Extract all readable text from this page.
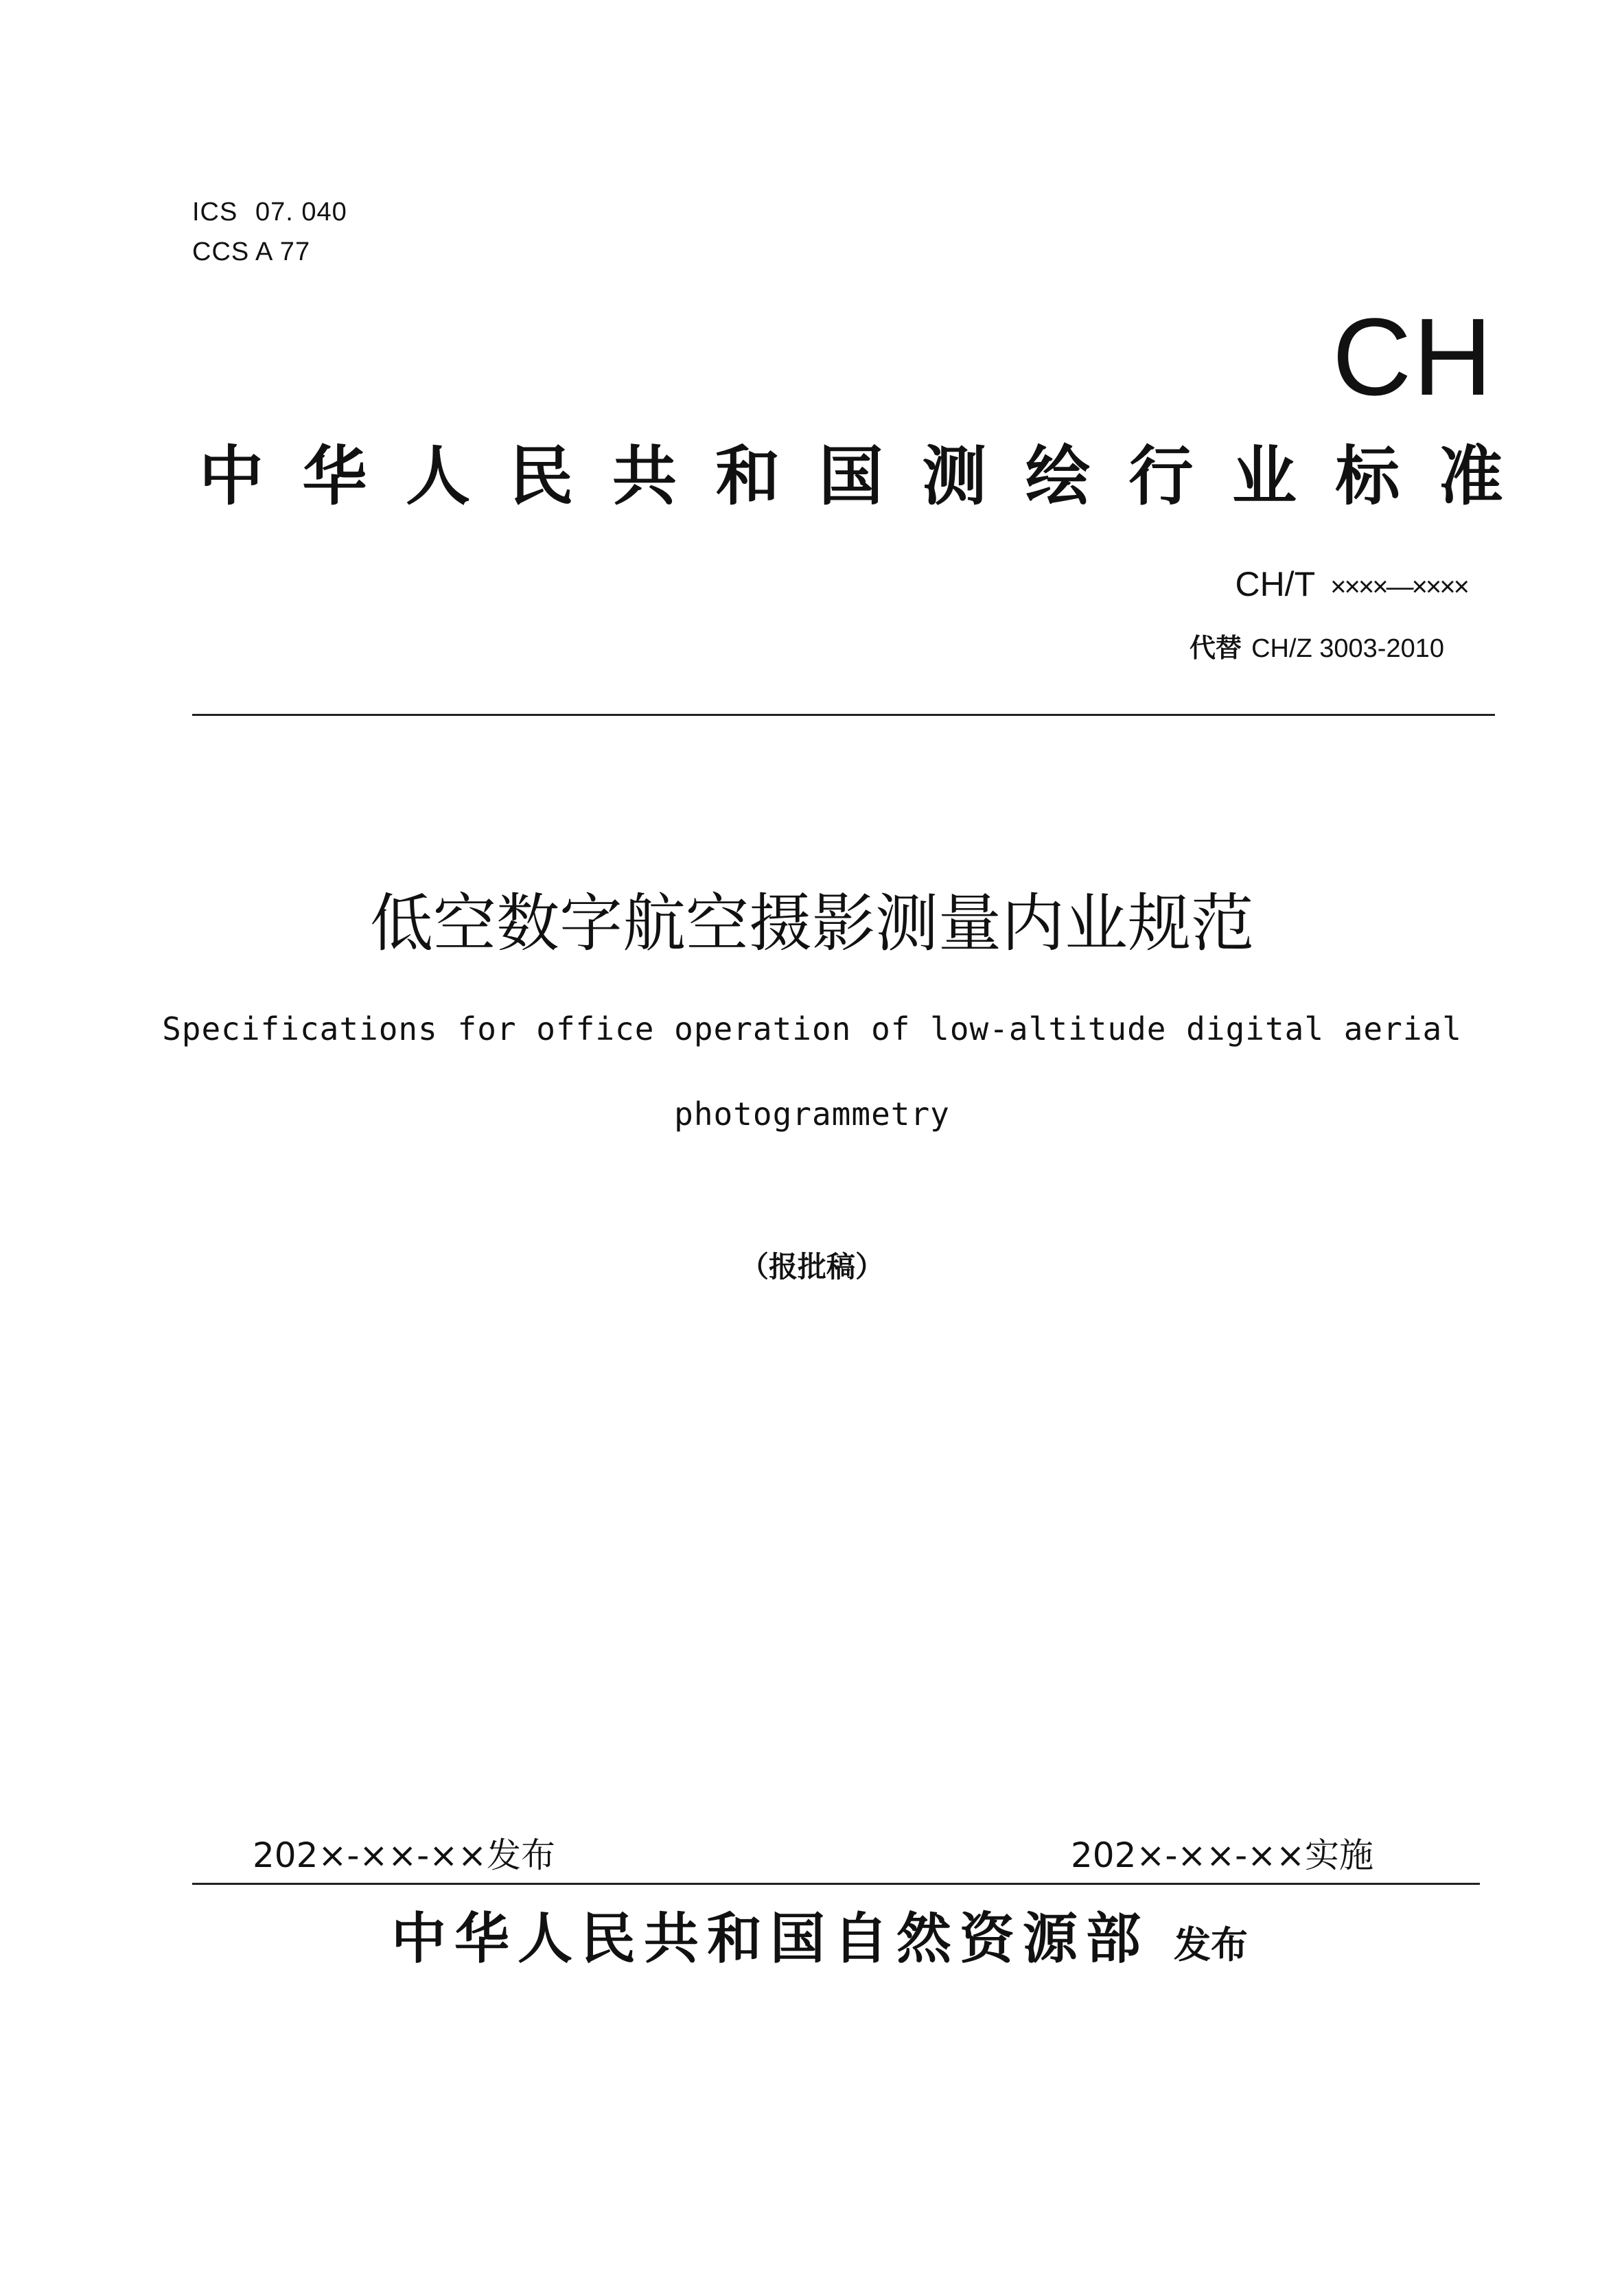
ICS 07. 040
CCS A 77
CH
中 华 人 民 共 和 国 测 绘 行 业 标 准
CH/T ××××—××××
代替 CH/Z 3003-2010
低空数字航空摄影测量内业规范
Specifications for office operation of low-altitude digital aerial
photogrammetry
（报批稿）
202×-××-××发布	202×-××-××实施
中华人民共和国自然资源部 发布
